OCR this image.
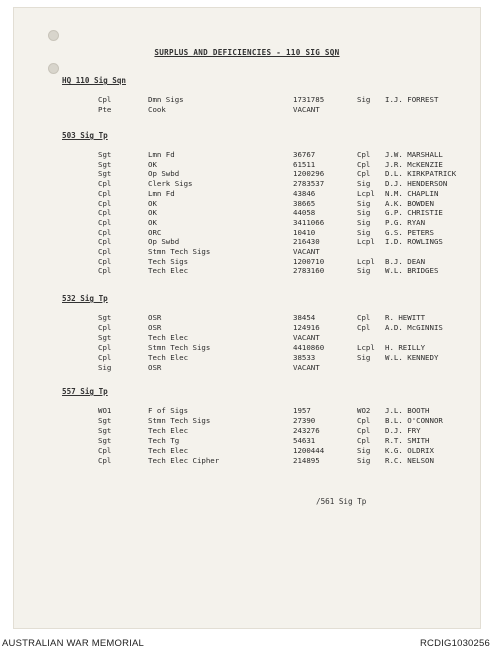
SURPLUS AND DEFICIENCIES - 110 SIG SQN
HQ 110 Sig Sqn
Cpl	Dmn Sigs	1731785	Sig I.J. FORREST
Pte	Cook	VACANT
503 Sig Tp
Sgt	Lmn Fd	36767	Cpl J.W. MARSHALL
Sgt	OK	61511	Cpl J.R. McKENZIE
Sgt	Op Swbd	1200296	Cpl D.L. KIRKPATRICK
Cpl	Clerk Sigs	2783537	Sig D.J. HENDERSON
Cpl	Lmn Fd	43846	Lcpl N.M. CHAPLIN
Cpl	OK	38665	Sig A.K. BOWDEN
Cpl	OK	44058	Sig G.P. CHRISTIE
Cpl	OK	3411066	Sig P.G. RYAN
Cpl	ORC	10410	Sig G.S. PETERS
Cpl	Op Swbd	216430	Lcpl I.D. ROWLINGS
Cpl	Stmn Tech Sigs	VACANT
Cpl	Tech Sigs	1200710	Lcpl B.J. DEAN
Cpl	Tech Elec	2783160	Sig W.L. BRIDGES
532 Sig Tp
Sgt	OSR	38454	Cpl R. HEWITT
Cpl	OSR	124916	Cpl A.D. McGINNIS
Sgt	Tech Elec	VACANT
Cpl	Stmn Tech Sigs	4410860	Lcpl H. REILLY
Cpl	Tech Elec	38533	Sig W.L. KENNEDY
Sig	OSR	VACANT
557 Sig Tp
WO1	F of Sigs	1957	WO2 J.L. BOOTH
Sgt	Stmn Tech Sigs	27390	Cpl B.L. O'CONNOR
Sgt	Tech Elec	243276	Cpl D.J. FRY
Sgt	Tech Tg	54631	Cpl R.T. SMITH
Cpl	Tech Elec	1200444	Sig K.G. OLDRIX
Cpl	Tech Elec Cipher	214895	Sig R.C. NELSON
/561 Sig Tp
AUSTRALIAN WAR MEMORIAL	RCDIG1030256
